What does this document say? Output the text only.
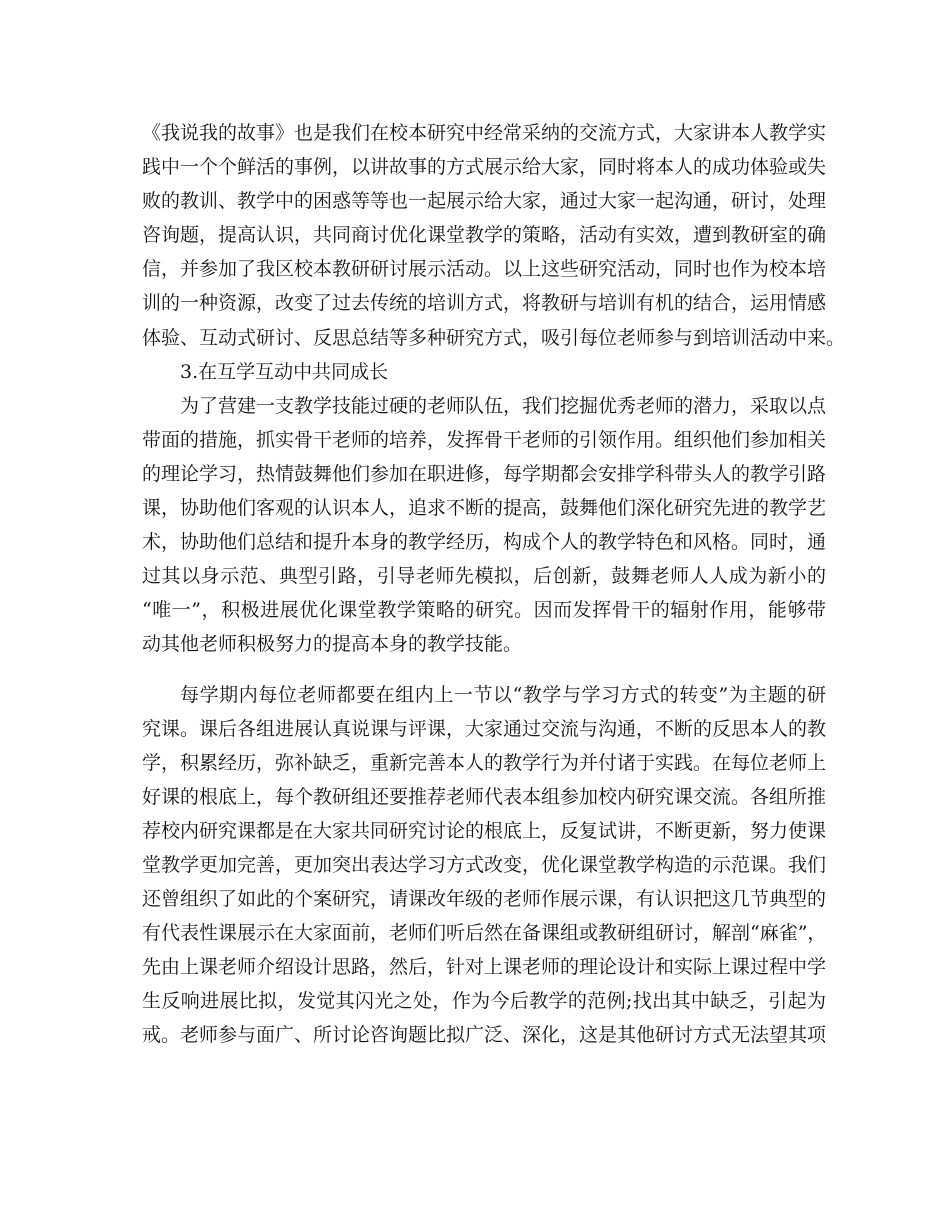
《我说我的故事》也是我们在校本研究中经常采纳的交流方式，大家讲本人教学实
践中一个个鲜活的事例，以讲故事的方式展示给大家，同时将本人的成功体验或失
败的教训、教学中的困惑等等也一起展示给大家，通过大家一起沟通，研讨，处理
咨询题，提高认识，共同商讨优化课堂教学的策略，活动有实效，遭到教研室的确
信，并参加了我区校本教研研讨展示活动。以上这些研究活动，同时也作为校本培
训的一种资源，改变了过去传统的培训方式，将教研与培训有机的结合，运用情感
体验、互动式研讨、反思总结等多种研究方式，吸引每位老师参与到培训活动中来。
3.在互学互动中共同成长
为了营建一支教学技能过硬的老师队伍，我们挖掘优秀老师的潜力，采取以点
带面的措施，抓实骨干老师的培养，发挥骨干老师的引领作用。组织他们参加相关
的理论学习，热情鼓舞他们参加在职进修，每学期都会安排学科带头人的教学引路
课，协助他们客观的认识本人，追求不断的提高，鼓舞他们深化研究先进的教学艺
术，协助他们总结和提升本身的教学经历，构成个人的教学特色和风格。同时，通
过其以身示范、典型引路，引导老师先模拟，后创新，鼓舞老师人人成为新小的
“唯一”，积极进展优化课堂教学策略的研究。因而发挥骨干的辐射作用，能够带
动其他老师积极努力的提高本身的教学技能。
每学期内每位老师都要在组内上一节以“教学与学习方式的转变”为主题的研
究课。课后各组进展认真说课与评课，大家通过交流与沟通，不断的反思本人的教
学，积累经历，弥补缺乏，重新完善本人的教学行为并付诸于实践。在每位老师上
好课的根底上，每个教研组还要推荐老师代表本组参加校内研究课交流。各组所推
荐校内研究课都是在大家共同研究讨论的根底上，反复试讲，不断更新，努力使课
堂教学更加完善，更加突出表达学习方式改变，优化课堂教学构造的示范课。我们
还曾组织了如此的个案研究，请课改年级的老师作展示课，有认识把这几节典型的
有代表性课展示在大家面前，老师们听后然在备课组或教研组研讨，解剖“麻雀”，
先由上课老师介绍设计思路，然后，针对上课老师的理论设计和实际上课过程中学
生反响进展比拟，发觉其闪光之处，作为今后教学的范例;找出其中缺乏，引起为
戒。老师参与面广、所讨论咨询题比拟广泛、深化，这是其他研讨方式无法望其项
